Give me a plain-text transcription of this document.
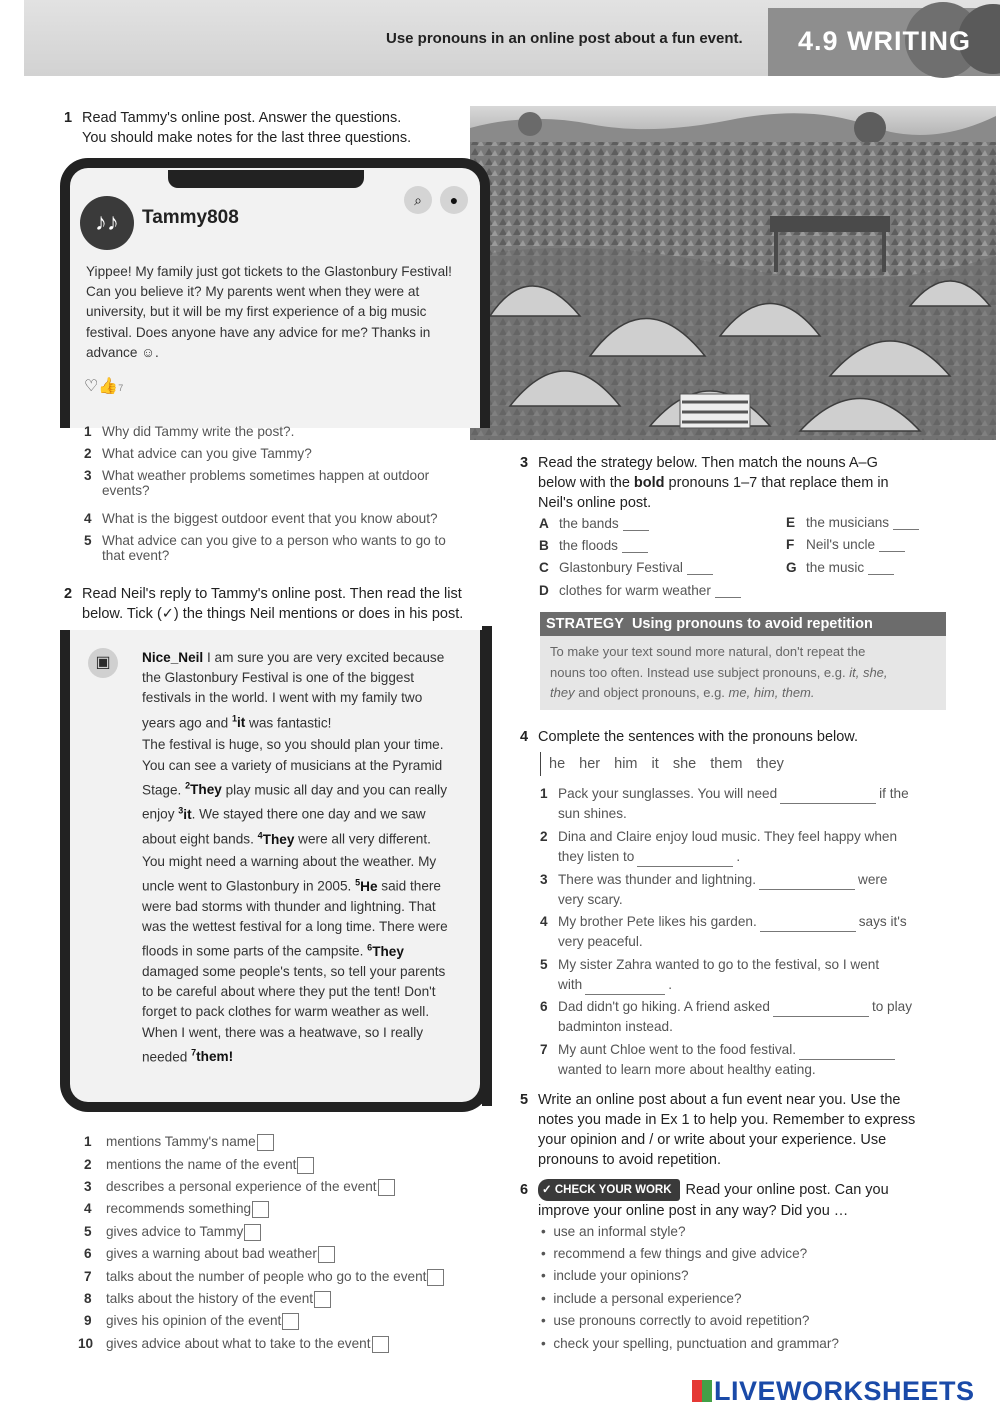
Use pronouns in an online post about a fun event. 4.9 WRITING
1 Read Tammy's online post. Answer the questions.
You should make notes for the last three questions.
♪♪	Tammy808
⌕	●
Yippee! My family just got tickets to the Glastonbury Festival! Can you believe it? My parents went when they were at university, but it will be my first experience of a big music festival. Does anyone have any advice for me? Thanks in advance ☺.
♡👍7
1 Why did Tammy write the post?.
2 What advice can you give Tammy?
3 What weather problems sometimes happen at outdoor
events?
4 What is the biggest outdoor event that you know about?
5 What advice can you give to a person who wants to go to
that event?
2 Read Neil's reply to Tammy's online post. Then read the list
below. Tick (✓) the things Neil mentions or does in his post.
▣	Nice_Neil I am sure you are very excited because the Glastonbury Festival is one of the biggest festivals in the world. I went with my family two years ago and $^1$it was fantastic!

The festival is huge, so you should plan your time. You can see a variety of musicians at the Pyramid Stage. $^2$They play music all day and you can really enjoy $^3$it. We stayed there one day and we saw about eight bands. $^4$They were all very different.

You might need a warning about the weather. My uncle went to Glastonbury in 2005. $^5$He said there were bad storms with thunder and lightning. That was the wettest festival for a long time. There were floods in some parts of the campsite. $^6$They damaged some people's tents, so tell your parents to be careful about where they put the tent! Don't forget to pack clothes for warm weather as well. When I went, there was a heatwave, so I really needed $^7$them!

1 mentions Tammy's name
2 mentions the name of the event
3 describes a personal experience of the event
4 recommends something
5 gives advice to Tammy
6 gives a warning about bad weather
7 talks about the number of people who go to the event
8 talks about the history of the event
9 gives his opinion of the event
10 gives advice about what to take to the event
3 Read the strategy below. Then match the nouns A–G
below with the bold pronouns 1–7 that replace them in
Neil's online post.
A the bands
B the floods
C Glastonbury Festival
D clothes for warm weather
E the musicians
F Neil's uncle
G the music
STRATEGY Using pronouns to avoid repetition
To make your text sound more natural, don't repeat the
nouns too often. Instead use subject pronouns, e.g. it, she,
they and object pronouns, e.g. me, him, them.
4 Complete the sentences with the pronouns below.
he her him it she them they
1 Pack your sunglasses. You will need	if the
sun shines.
2 Dina and Claire enjoy loud music. They feel happy when
they listen to	.
3 There was thunder and lightning.	were
very scary.
4 My brother Pete likes his garden.	says it's
very peaceful.
5 My sister Zahra wanted to go to the festival, so I went
with	.
6 Dad didn't go hiking. A friend asked	to play
badminton instead.
7 My aunt Chloe went to the food festival.
wanted to learn more about healthy eating.
5 Write an online post about a fun event near you. Use the
notes you made in Ex 1 to help you. Remember to express
your opinion and / or write about your experience. Use
pronouns to avoid repetition.
6 ✓ CHECK YOUR WORK Read your online post. Can you
improve your online post in any way? Did you …
•  use an informal style?
•  recommend a few things and give advice?
•  include your opinions?
•  include a personal experience?
•  use pronouns correctly to avoid repetition?
•  check your spelling, punctuation and grammar?
LIVEWORKSHEETS
